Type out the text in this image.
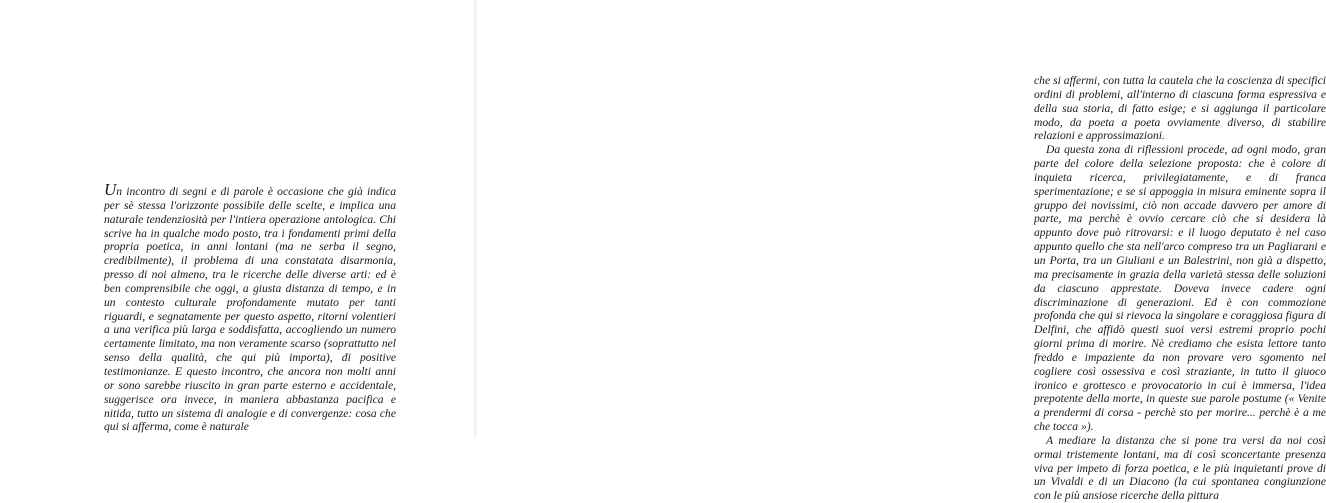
Un incontro di segni e di parole è occasione che già indica per sè stessa l'orizzonte possibile delle scelte, e implica una naturale tendenziosità per l'intiera operazione antologica. Chi scrive ha in qualche modo posto, tra i fondamenti primi della propria poetica, in anni lontani (ma ne serba il segno, credibilmente), il problema di una constatata disarmonia, presso di noi almeno, tra le ricerche delle diverse arti: ed è ben comprensibile che oggi, a giusta distanza di tempo, e in un contesto culturale profondamente mutato per tanti riguardi, e segnatamente per questo aspetto, ritorni volentieri a una verifica più larga e soddisfatta, accogliendo un numero certamente limitato, ma non veramente scarso (soprattutto nel senso della qualità, che qui più importa), di positive testimonianze. E questo incontro, che ancora non molti anni or sono sarebbe riuscito in gran parte esterno e accidentale, suggerisce ora invece, in maniera abbastanza pacifica e nitida, tutto un sistema di analogie e di convergenze: cosa che qui si afferma, come è naturale

che si affermi, con tutta la cautela che la coscienza di specifici ordini di problemi, all'interno di ciascuna forma espressiva e della sua storia, di fatto esige; e si aggiunga il particolare modo, da poeta a poeta ovviamente diverso, di stabilire relazioni e approssimazioni.

Da questa zona di riflessioni procede, ad ogni modo, gran parte del colore della selezione proposta: che è colore di inquieta ricerca, privilegiatamente, e di franca sperimentazione; e se si appoggia in misura eminente sopra il gruppo dei novissimi, ciò non accade davvero per amore di parte, ma perchè è ovvio cercare ciò che si desidera là appunto dove può ritrovarsi: e il luogo deputato è nel caso appunto quello che sta nell'arco compreso tra un Pagliarani e un Porta, tra un Giuliani e un Balestrini, non già a dispetto, ma precisamente in grazia della varietà stessa delle soluzioni da ciascuno apprestate. Doveva invece cadere ogni discriminazione di generazioni. Ed è con commozione profonda che qui si rievoca la singolare e coraggiosa figura di Delfini, che affidò questi suoi versi estremi proprio pochi giorni prima di morire. Nè crediamo che esista lettore tanto freddo e impaziente da non provare vero sgomento nel cogliere così ossessiva e così straziante, in tutto il giuoco ironico e grottesco e provocatorio in cui è immersa, l'idea prepotente della morte, in queste sue parole postume (« Venite a prendermi di corsa - perchè sto per morire... perchè è a me che tocca »).

A mediare la distanza che si pone tra versi da noi così ormai tristemente lontani, ma di così sconcertante presenza viva per impeto di forza poetica, e le più inquietanti prove di un Vivaldi e di un Diacono (la cui spontanea congiunzione con le più ansiose ricerche della pittura
